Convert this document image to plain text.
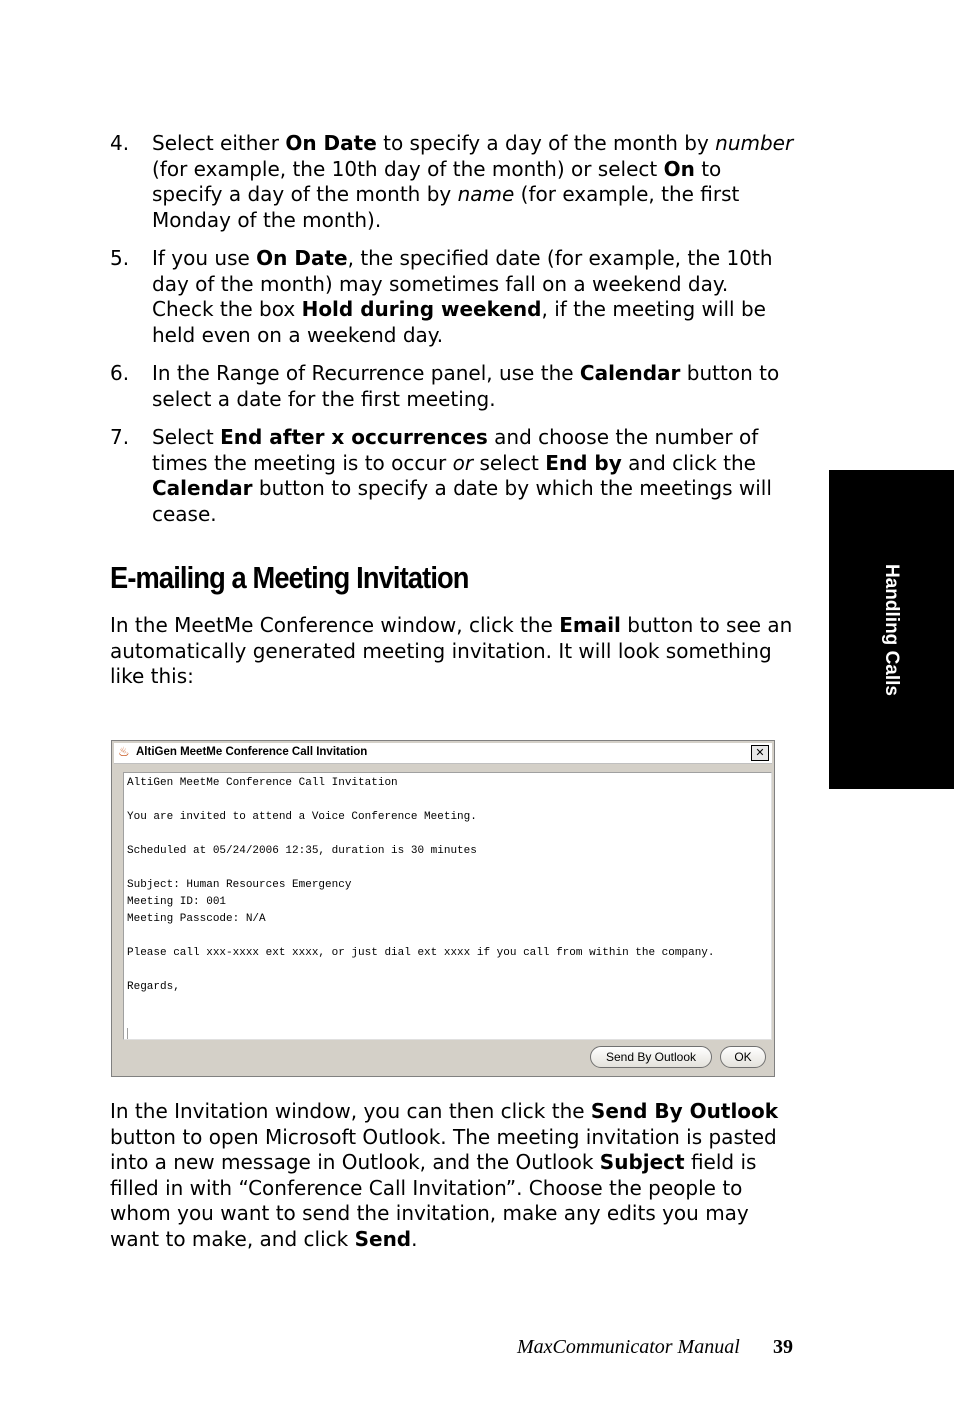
4. Select either On Date to specify a day of the month by number (for example, the 10th day of the month) or select On to specify a day of the month by name (for example, the first Monday of the month).
5. If you use On Date, the specified date (for example, the 10th day of the month) may sometimes fall on a weekend day. Check the box Hold during weekend, if the meeting will be held even on a weekend day.
6. In the Range of Recurrence panel, use the Calendar button to select a date for the first meeting.
7. Select End after x occurrences and choose the number of times the meeting is to occur or select End by and click the Calendar button to specify a date by which the meetings will cease.
E-mailing a Meeting Invitation

In the MeetMe Conference window, click the Email button to see an automatically generated meeting invitation. It will look something like this:

♨ AltiGen MeetMe Conference Call Invitation	✕
AltiGen MeetMe Conference Call Invitation
You are invited to attend a Voice Conference Meeting.
Scheduled at 05/24/2006 12:35, duration is 30 minutes
Subject: Human Resources Emergency
Meeting ID: 001
Meeting Passcode: N/A
Please call xxx-xxxx ext xxxx, or just dial ext xxxx if you call from within the company.
Regards,
Send By Outlook	OK

In the Invitation window, you can then click the Send By Outlook button to open Microsoft Outlook. The meeting invitation is pasted into a new message in Outlook, and the Outlook Subject field is filled in with “Conference Call Invitation”. Choose the people to whom you want to send the invitation, make any edits you may want to make, and click Send.

Handling Calls
MaxCommunicator Manual 39
